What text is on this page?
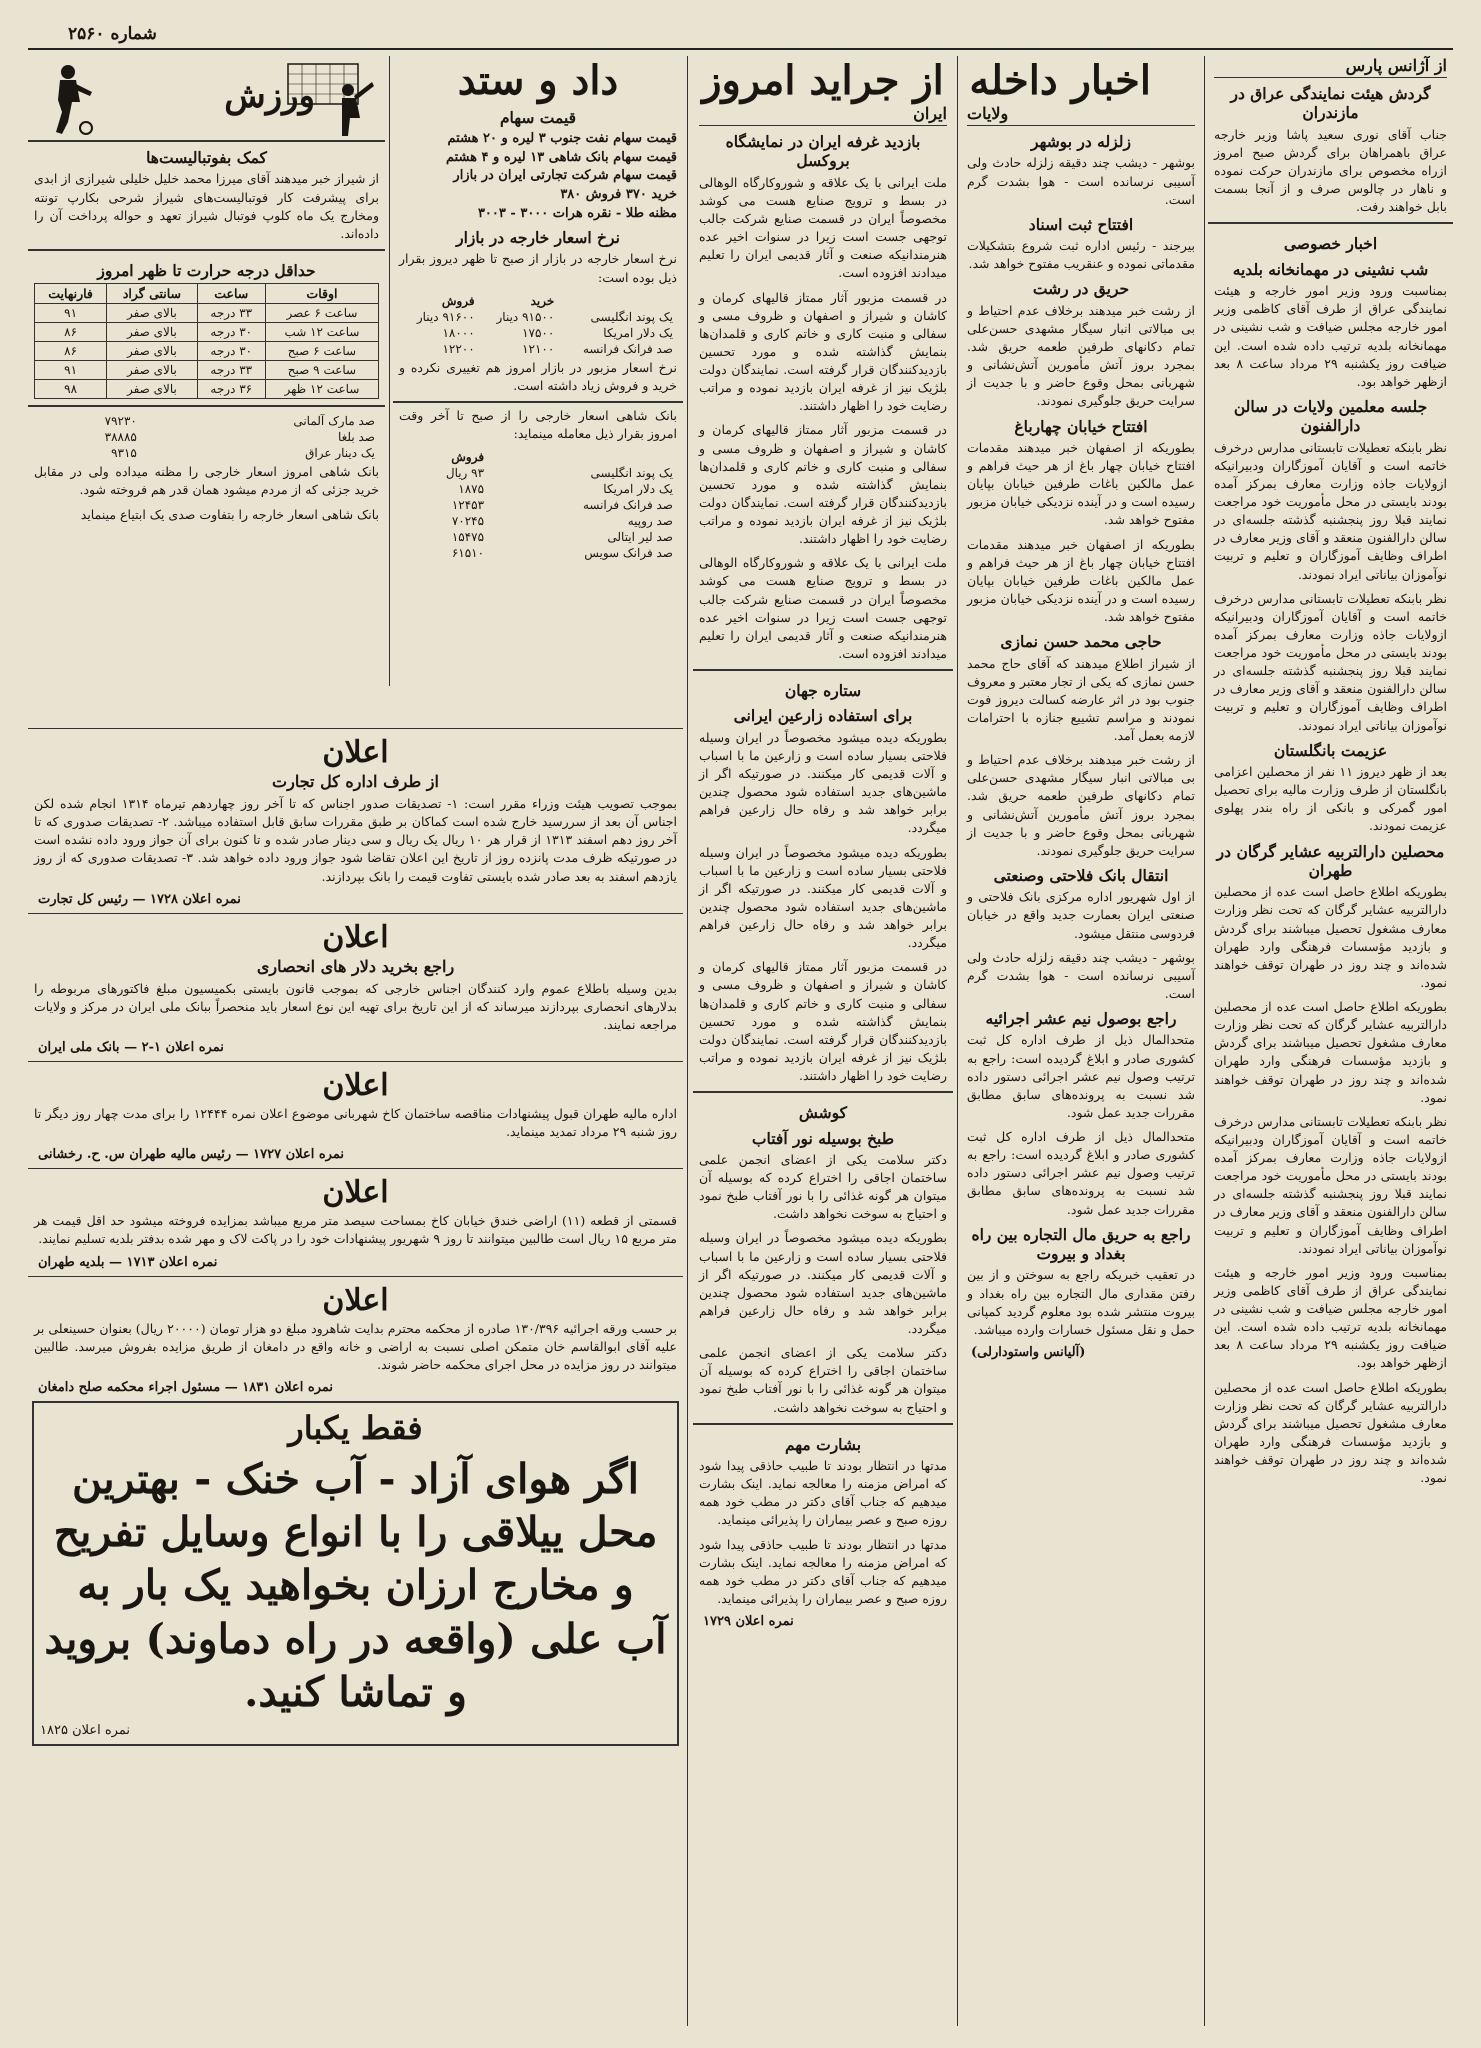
شماره ۲۵۶۰
از آژانس پارس
گردش هیئت نمایندگی عراق در مازندران

جناب آقای نوری سعید پاشا وزیر خارجه عراق باهمراهان برای گردش صبح امروز ازراه مخصوص برای مازندران حرکت نموده و ناهار در چالوس صرف و از آنجا بسمت بابل خواهند رفت.

اخبار خصوصی
شب نشینی در مهمانخانه بلدیه

بمناسبت ورود وزیر امور خارجه و هیئت نمایندگی عراق از طرف آقای کاظمی وزیر امور خارجه مجلس ضیافت و شب نشینی در مهمانخانه بلدیه ترتیب داده شده است. این ضیافت روز یکشنبه ۲۹ مرداد ساعت ۸ بعد ازظهر خواهد بود.

جلسه معلمین ولایات در سالن دارالفنون

نظر بابنکه تعطیلات تابستانی مدارس درخرف خاتمه است و آقایان آموزگاران ودبیرانیکه ازولایات جاذه وزارت معارف بمرکز آمده بودند بایستی در محل مأموریت خود مراجعت نمایند قبلا روز پنجشنبه گذشته جلسه‌ای در سالن دارالفنون منعقد و آقای وزیر معارف در اطراف وظایف آموزگاران و تعلیم و تربیت نوآموزان بیاناتی ایراد نمودند.

نظر بابنکه تعطیلات تابستانی مدارس درخرف خاتمه است و آقایان آموزگاران ودبیرانیکه ازولایات جاذه وزارت معارف بمرکز آمده بودند بایستی در محل مأموریت خود مراجعت نمایند قبلا روز پنجشنبه گذشته جلسه‌ای در سالن دارالفنون منعقد و آقای وزیر معارف در اطراف وظایف آموزگاران و تعلیم و تربیت نوآموزان بیاناتی ایراد نمودند.

عزیمت بانگلستان

بعد از ظهر دیروز ۱۱ نفر از محصلین اعزامی بانگلستان از طرف وزارت مالیه برای تحصیل امور گمرکی و بانکی از راه بندر پهلوی عزیمت نمودند.

محصلین دارالتربیه عشایر گرگان در طهران

بطوریکه اطلاع حاصل است عده از محصلین دارالتربیه عشایر گرگان که تحت نظر وزارت معارف مشغول تحصیل میباشند برای گردش و بازدید مؤسسات فرهنگی وارد طهران شده‌اند و چند روز در طهران توقف خواهند نمود.

بطوریکه اطلاع حاصل است عده از محصلین دارالتربیه عشایر گرگان که تحت نظر وزارت معارف مشغول تحصیل میباشند برای گردش و بازدید مؤسسات فرهنگی وارد طهران شده‌اند و چند روز در طهران توقف خواهند نمود.

نظر بابنکه تعطیلات تابستانی مدارس درخرف خاتمه است و آقایان آموزگاران ودبیرانیکه ازولایات جاذه وزارت معارف بمرکز آمده بودند بایستی در محل مأموریت خود مراجعت نمایند قبلا روز پنجشنبه گذشته جلسه‌ای در سالن دارالفنون منعقد و آقای وزیر معارف در اطراف وظایف آموزگاران و تعلیم و تربیت نوآموزان بیاناتی ایراد نمودند.

بمناسبت ورود وزیر امور خارجه و هیئت نمایندگی عراق از طرف آقای کاظمی وزیر امور خارجه مجلس ضیافت و شب نشینی در مهمانخانه بلدیه ترتیب داده شده است. این ضیافت روز یکشنبه ۲۹ مرداد ساعت ۸ بعد ازظهر خواهد بود.

بطوریکه اطلاع حاصل است عده از محصلین دارالتربیه عشایر گرگان که تحت نظر وزارت معارف مشغول تحصیل میباشند برای گردش و بازدید مؤسسات فرهنگی وارد طهران شده‌اند و چند روز در طهران توقف خواهند نمود.

اخبار داخله
ولایات
زلزله در بوشهر

بوشهر - دیشب چند دقیقه زلزله حادث ولی آسیبی نرسانده است - هوا بشدت گرم است.

افتتاح ثبت اسناد

بیرجند - رئیس اداره ثبت شروع بتشکیلات مقدماتی نموده و عنقریب مفتوح خواهد شد.

حریق در رشت

از رشت خبر میدهند برخلاف عدم احتیاط و بی مبالاتی انبار سیگار مشهدی حسن‌علی تمام دکانهای طرفین طعمه حریق شد. بمجرد بروز آتش مأمورین آتش‌نشانی و شهربانی بمحل وقوع حاضر و با جدیت از سرایت حریق جلوگیری نمودند.

افتتاح خیابان چهارباغ

بطوریکه از اصفهان خبر میدهند مقدمات افتتاح خیابان چهار باغ از هر حیث فراهم و عمل مالکین باغات طرفین خیابان بپایان رسیده است و در آینده نزدیکی خیابان مزبور مفتوح خواهد شد.

بطوریکه از اصفهان خبر میدهند مقدمات افتتاح خیابان چهار باغ از هر حیث فراهم و عمل مالکین باغات طرفین خیابان بپایان رسیده است و در آینده نزدیکی خیابان مزبور مفتوح خواهد شد.

حاجی محمد حسن نمازی

از شیراز اطلاع میدهند که آقای حاج محمد حسن نمازی که یکی از تجار معتبر و معروف جنوب بود در اثر عارضه کسالت دیروز فوت نمودند و مراسم تشییع جنازه با احترامات لازمه بعمل آمد.

از رشت خبر میدهند برخلاف عدم احتیاط و بی مبالاتی انبار سیگار مشهدی حسن‌علی تمام دکانهای طرفین طعمه حریق شد. بمجرد بروز آتش مأمورین آتش‌نشانی و شهربانی بمحل وقوع حاضر و با جدیت از سرایت حریق جلوگیری نمودند.

انتقال بانک فلاحتی وصنعتی

از اول شهریور اداره مرکزی بانک فلاحتی و صنعتی ایران بعمارت جدید واقع در خیابان فردوسی منتقل میشود.

بوشهر - دیشب چند دقیقه زلزله حادث ولی آسیبی نرسانده است - هوا بشدت گرم است.

راجع بوصول نیم عشر اجرائیه

متحدالمال ذیل از طرف اداره کل ثبت کشوری صادر و ابلاغ گردیده است: راجع به ترتیب وصول نیم عشر اجرائی دستور داده شد نسبت به پرونده‌های سابق مطابق مقررات جدید عمل شود.

متحدالمال ذیل از طرف اداره کل ثبت کشوری صادر و ابلاغ گردیده است: راجع به ترتیب وصول نیم عشر اجرائی دستور داده شد نسبت به پرونده‌های سابق مطابق مقررات جدید عمل شود.

راجع به حریق مال التجاره بین راه بغداد و بیروت

در تعقیب خبریکه راجع به سوختن و از بین رفتن مقداری مال التجاره بین راه بغداد و بیروت منتشر شده بود معلوم گردید کمپانی حمل و نقل مسئول خسارات وارده میباشد.

(آلیانس واستودارلی)
از جراید امروز
ایران
بازدید غرفه ایران در نمایشگاه بروکسل

ملت ایرانی با یک علاقه و شوروکارگاه الوهالی در بسط و ترویج صنایع هست می کوشد مخصوصاً ایران در قسمت صنایع شرکت جالب توجهی جست است زیرا در سنوات اخیر عده هنرمندانیکه صنعت و آثار قدیمی ایران را تعلیم میدادند افزوده است.

در قسمت مزبور آثار ممتاز قالیهای کرمان و کاشان و شیراز و اصفهان و ظروف مسی و سفالی و منبت کاری و خاتم کاری و قلمدان‌ها بنمایش گذاشته شده و مورد تحسین بازدیدکنندگان قرار گرفته است. نمایندگان دولت بلژیک نیز از غرفه ایران بازدید نموده و مراتب رضایت خود را اظهار داشتند.

در قسمت مزبور آثار ممتاز قالیهای کرمان و کاشان و شیراز و اصفهان و ظروف مسی و سفالی و منبت کاری و خاتم کاری و قلمدان‌ها بنمایش گذاشته شده و مورد تحسین بازدیدکنندگان قرار گرفته است. نمایندگان دولت بلژیک نیز از غرفه ایران بازدید نموده و مراتب رضایت خود را اظهار داشتند.

ملت ایرانی با یک علاقه و شوروکارگاه الوهالی در بسط و ترویج صنایع هست می کوشد مخصوصاً ایران در قسمت صنایع شرکت جالب توجهی جست است زیرا در سنوات اخیر عده هنرمندانیکه صنعت و آثار قدیمی ایران را تعلیم میدادند افزوده است.

ستاره جهان
برای استفاده زارعین ایرانی

بطوریکه دیده میشود مخصوصاً در ایران وسیله فلاحتی بسیار ساده است و زارعین ما با اسباب و آلات قدیمی کار میکنند. در صورتیکه اگر از ماشین‌های جدید استفاده شود محصول چندین برابر خواهد شد و رفاه حال زارعین فراهم میگردد.

بطوریکه دیده میشود مخصوصاً در ایران وسیله فلاحتی بسیار ساده است و زارعین ما با اسباب و آلات قدیمی کار میکنند. در صورتیکه اگر از ماشین‌های جدید استفاده شود محصول چندین برابر خواهد شد و رفاه حال زارعین فراهم میگردد.

در قسمت مزبور آثار ممتاز قالیهای کرمان و کاشان و شیراز و اصفهان و ظروف مسی و سفالی و منبت کاری و خاتم کاری و قلمدان‌ها بنمایش گذاشته شده و مورد تحسین بازدیدکنندگان قرار گرفته است. نمایندگان دولت بلژیک نیز از غرفه ایران بازدید نموده و مراتب رضایت خود را اظهار داشتند.

کوشش
طبخ بوسیله نور آفتاب

دکتر سلامت یکی از اعضای انجمن علمی ساختمان اجاقی را اختراع کرده که بوسیله آن میتوان هر گونه غذائی را با نور آفتاب طبخ نمود و احتیاج به سوخت نخواهد داشت.

بطوریکه دیده میشود مخصوصاً در ایران وسیله فلاحتی بسیار ساده است و زارعین ما با اسباب و آلات قدیمی کار میکنند. در صورتیکه اگر از ماشین‌های جدید استفاده شود محصول چندین برابر خواهد شد و رفاه حال زارعین فراهم میگردد.

دکتر سلامت یکی از اعضای انجمن علمی ساختمان اجاقی را اختراع کرده که بوسیله آن میتوان هر گونه غذائی را با نور آفتاب طبخ نمود و احتیاج به سوخت نخواهد داشت.

بشارت مهم

مدتها در انتظار بودند تا طبیب حاذقی پیدا شود که امراض مزمنه را معالجه نماید. اینک بشارت میدهیم که جناب آقای دکتر در مطب خود همه روزه صبح و عصر بیماران را پذیرائی مینماید.

مدتها در انتظار بودند تا طبیب حاذقی پیدا شود که امراض مزمنه را معالجه نماید. اینک بشارت میدهیم که جناب آقای دکتر در مطب خود همه روزه صبح و عصر بیماران را پذیرائی مینماید.

نمره اعلان ۱۷۲۹
داد و ستد
قیمت سهام
قیمت سهام نفت جنوب ۳ لیره و ۲۰ هشتم
قیمت سهام بانک شاهی ۱۳ لیره و ۴ هشتم
قیمت سهام شرکت تجارتی ایران در بازار
خرید ۳۷۰ فروش ۳۸۰
مظنه طلا - نقره هرات ۳۰۰۰ - ۳۰۰۳
نرخ اسعار خارجه در بازار

نرخ اسعار خارجه در بازار از صبح تا ظهر دیروز بقرار ذیل بوده است:

	خرید	فروش
یک پوند انگلیسی	۹۱۵۰۰ دینار	۹۱۶۰۰ دینار
یک دلار امریکا	۱۷۵۰۰	۱۸۰۰۰
صد فرانک فرانسه	۱۲۱۰۰	۱۲۲۰۰

نرخ اسعار مزبور در بازار امروز هم تغییری نکرده و خرید و فروش زیاد داشته است.

بانک شاهی اسعار خارجی را از صبح تا آخر وقت امروز بقرار ذیل معامله مینماید:

	فروش
یک پوند انگلیسی	۹۳ ریال
یک دلار امریکا	۱۸۷۵
صد فرانک فرانسه	۱۲۴۵۳
صد روپیه	۷۰۲۴۵
صد لیر ایتالی	۱۵۴۷۵
صد فرانک سویس	۶۱۵۱۰
ورزش
کمک بفوتبالیست‌ها

از شیراز خبر میدهند آقای میرزا محمد خلیل خلیلی شیرازی از ابدی برای پیشرفت کار فوتبالیست‌های شیراز شرحی بکارپ تونته ومخارج یک ماه کلوپ فوتبال شیراز تعهد و حواله پرداخت آن را داده‌اند.

حداقل درجه حرارت تا ظهر امروز
اوقات	ساعت	سانتی گراد	فارنهایت
ساعت ۶ عصر	۳۳ درجه	بالای صفر	۹۱
ساعت ۱۲ شب	۳۰ درجه	بالای صفر	۸۶
ساعت ۶ صبح	۳۰ درجه	بالای صفر	۸۶
ساعت ۹ صبح	۳۳ درجه	بالای صفر	۹۱
ساعت ۱۲ ظهر	۳۶ درجه	بالای صفر	۹۸
صد مارک آلمانی	۷۹۲۳۰
صد بلغا	۳۸۸۸۵
یک دینار عراق	۹۳۱۵

بانک شاهی امروز اسعار خارجی را مظنه میداده ولی در مقابل خرید جزئی که از مردم میشود همان قدر هم فروخته شود.

بانک شاهی اسعار خارجه را بتفاوت صدی یک ابتیاع مینماید

اعلان
از طرف اداره کل تجارت

بموجب تصویب هیئت وزراء مقرر است: ۱- تصدیقات صدور اجناس که تا آخر روز چهاردهم تیرماه ۱۳۱۴ انجام شده لکن اجناس آن بعد از سررسید خارج شده است کماکان بر طبق مقررات سابق قابل استفاده میباشد. ۲- تصدیقات صدوری که تا آخر روز دهم اسفند ۱۳۱۳ از قرار هر ۱۰ ریال یک ریال و سی دینار صادر شده و تا کنون برای آن جواز ورود داده نشده است در صورتیکه ظرف مدت پانزده روز از تاریخ این اعلان تقاضا شود جواز ورود داده خواهد شد. ۳- تصدیقات صدوری که از روز یازدهم اسفند به بعد صادر شده بایستی تفاوت قیمت را بانک بپردازند.

نمره اعلان ۱۷۲۸ — رئیس کل تجارت
اعلان
راجع بخرید دلار های انحصاری

بدین وسیله باطلاع عموم وارد کنندگان اجناس خارجی که بموجب قانون بایستی بکمیسیون مبلغ فاکتورهای مربوطه را بدلارهای انحصاری بپردازند میرساند که از این تاریخ برای تهیه این نوع اسعار باید منحصراً ببانک ملی ایران در مرکز و ولایات مراجعه نمایند.

نمره اعلان ۱-۲ — بانک ملی ایران
اعلان

اداره مالیه طهران قبول پیشنهادات مناقصه ساختمان کاخ شهربانی موضوع اعلان نمره ۱۲۴۴۴ را برای مدت چهار روز دیگر تا روز شنبه ۲۹ مرداد تمدید مینماید.

نمره اعلان ۱۷۲۷ — رئیس مالیه طهران س. ح. رخشانی
اعلان

قسمتی از قطعه (۱۱) اراضی خندق خیابان کاخ بمساحت سیصد متر مربع میباشد بمزایده فروخته میشود حد اقل قیمت هر متر مربع ۱۵ ریال است طالبین میتوانند تا روز ۹ شهریور پیشنهادات خود را در پاکت لاک و مهر شده بدفتر بلدیه تسلیم نمایند.

نمره اعلان ۱۷۱۳ — بلدیه طهران
اعلان

بر حسب ورقه اجرائیه ۱۳۰/۳۹۶ صادره از محکمه محترم بدایت شاهرود مبلغ دو هزار تومان (۲۰۰۰۰ ریال) بعنوان حسینعلی بر علیه آقای ابوالقاسم خان متمکن اصلی نسبت به اراضی و خانه واقع در دامغان از طریق مزایده بفروش میرسد. طالبین میتوانند در روز مزایده در محل اجرای محکمه حاضر شوند.

نمره اعلان ۱۸۳۱ — مسئول اجراء محکمه صلح دامغان
فقط یکبار
اگر هوای آزاد - آب خنک - بهترین
محل ییلاقی را با انواع وسایل تفریح
و مخارج ارزان بخواهید یک بار به
آب علی (واقعه در راه دماوند) بروید
و تماشا کنید.
نمره اعلان ۱۸۲۵
